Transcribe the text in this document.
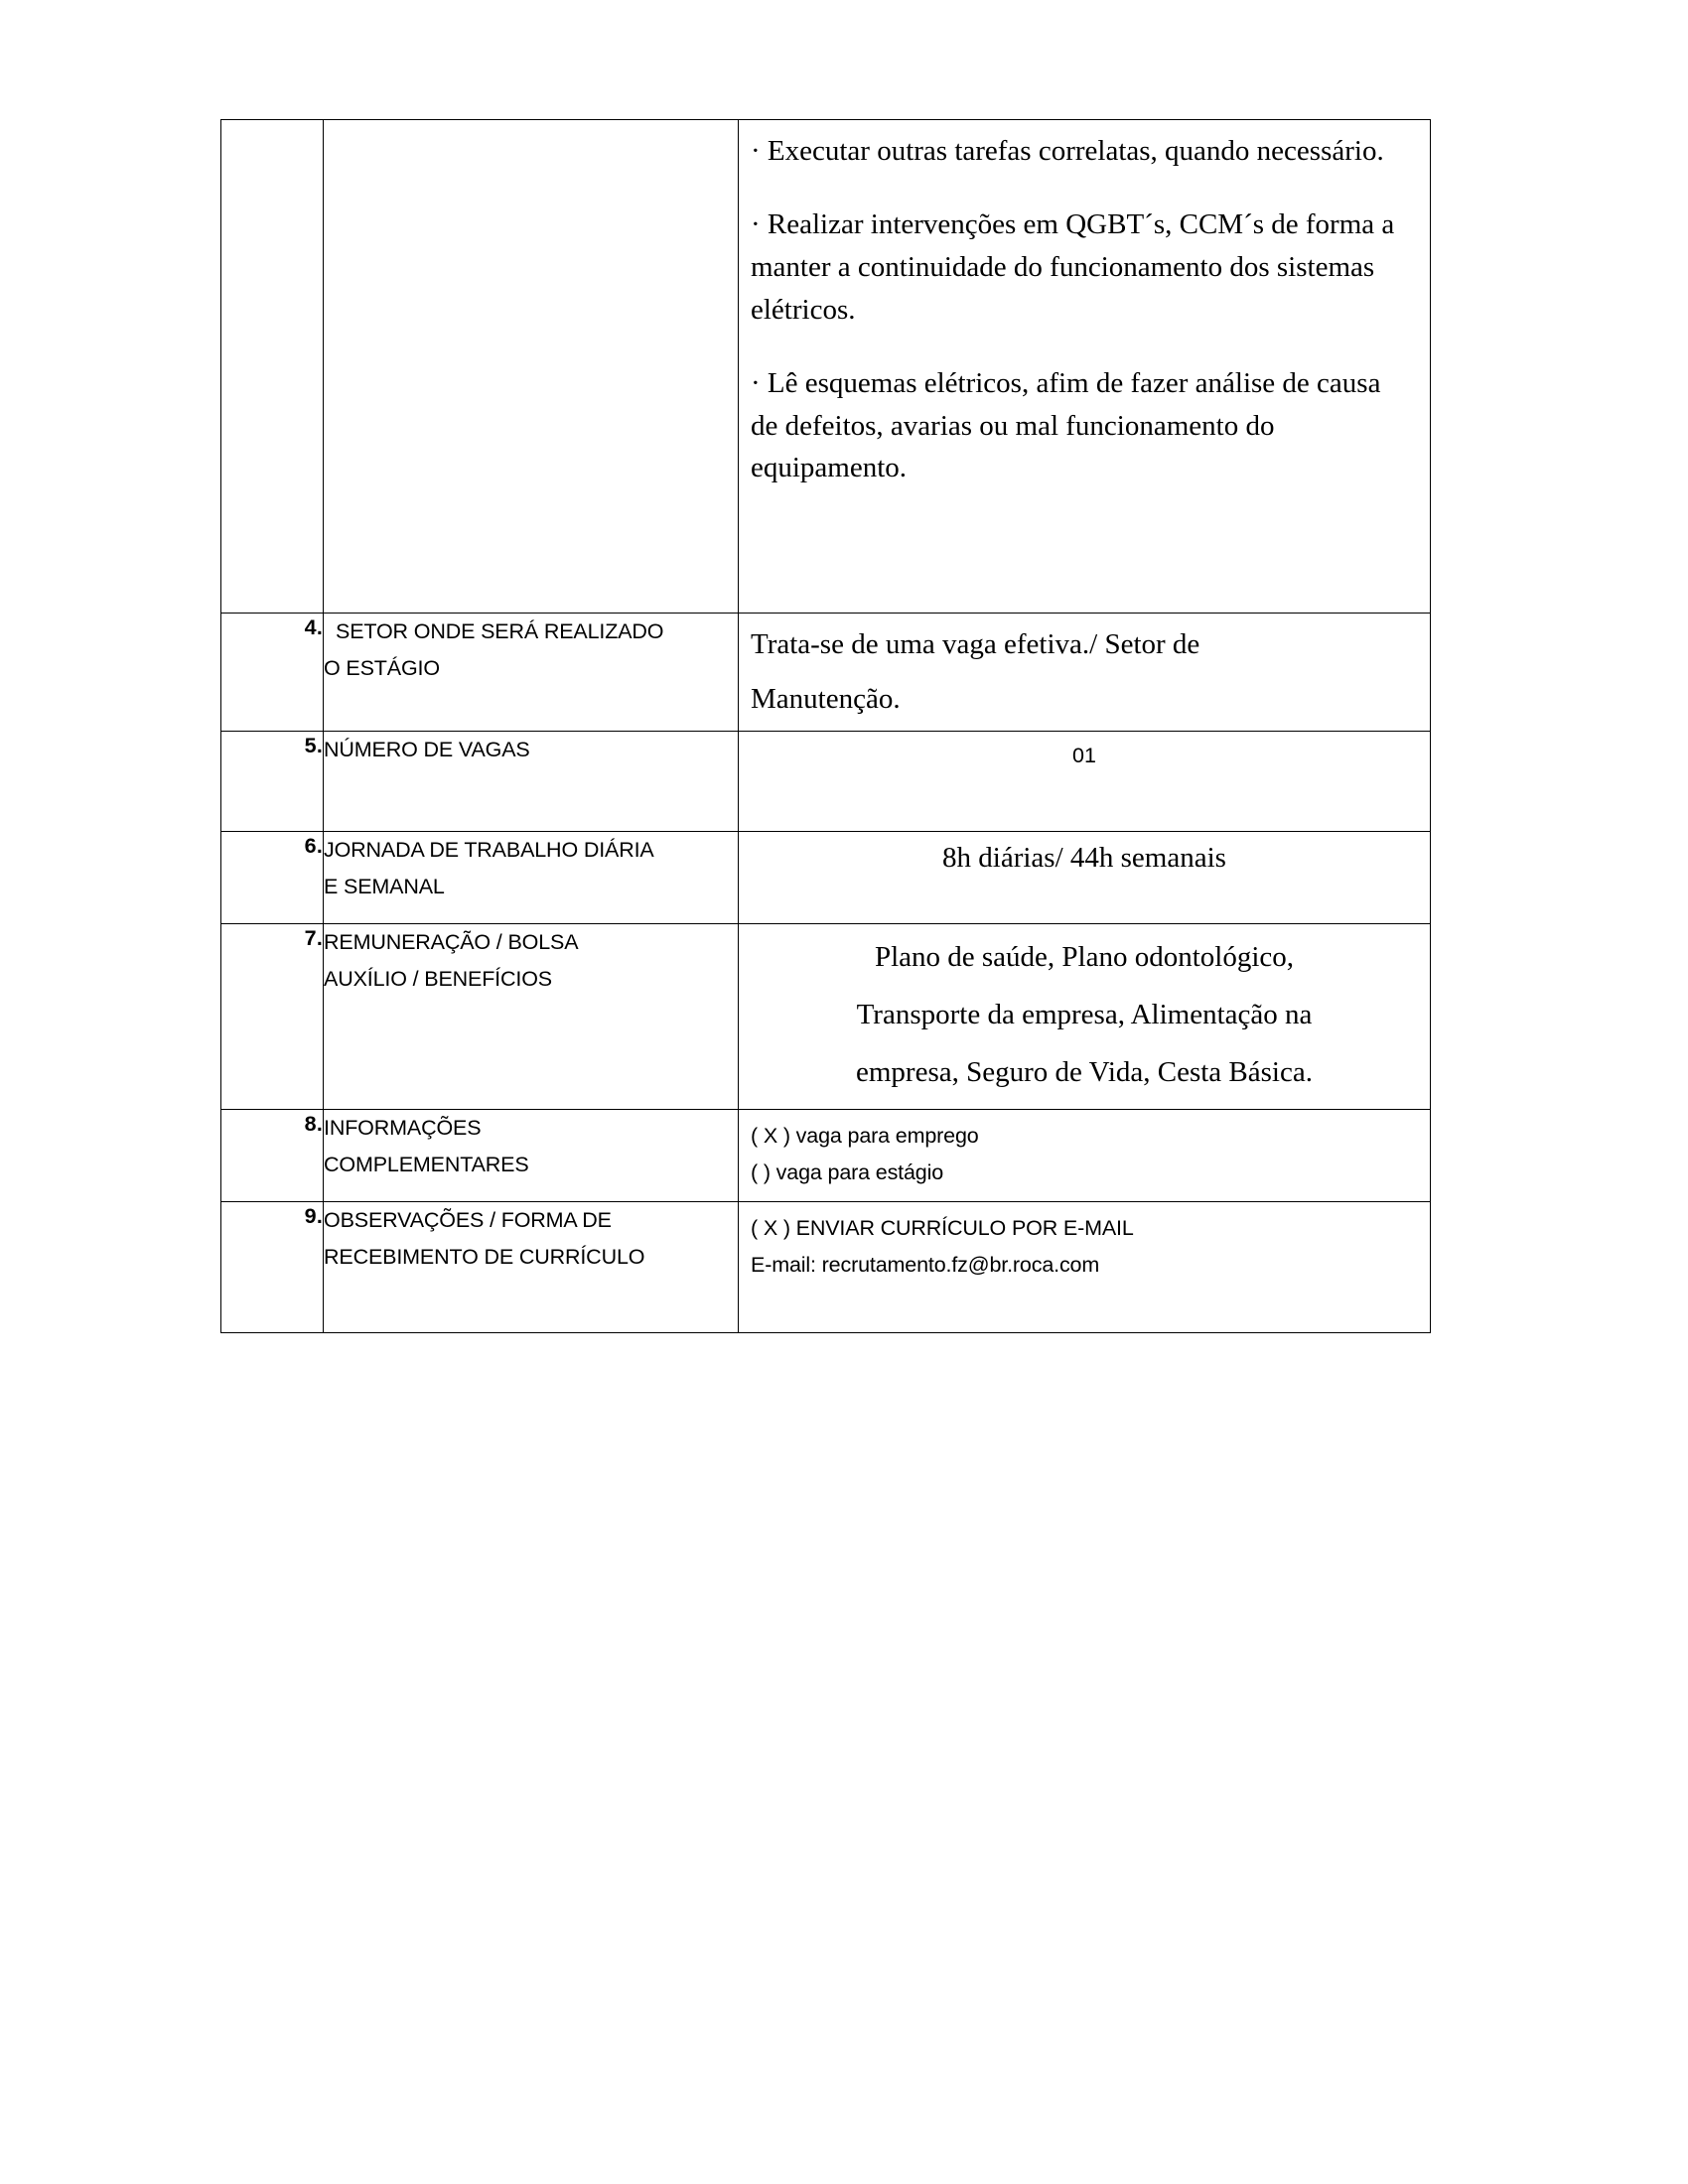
		· Executar outras tarefas correlatas, quando necessário.

· Realizar intervenções em QGBT´s, CCM´s de forma a manter a continuidade do funcionamento dos sistemas elétricos.

· Lê esquemas elétricos, afim de fazer análise de causa de defeitos, avarias ou mal funcionamento do equipamento.

4.	SETOR ONDE SERÁ REALIZADO
O ESTÁGIO	Trata-se de uma vaga efetiva./ Setor de
Manutenção.

5.	NÚMERO DE VAGAS	01

6.	JORNADA DE TRABALHO DIÁRIA
E SEMANAL	8h diárias/ 44h semanais

7.	REMUNERAÇÃO / BOLSA
AUXÍLIO / BENEFÍCIOS	Plano de saúde, Plano odontológico,
Transporte da empresa, Alimentação na
empresa, Seguro de Vida, Cesta Básica.

8.	INFORMAÇÕES
COMPLEMENTARES	( X ) vaga para emprego
( ) vaga para estágio

9.	OBSERVAÇÕES / FORMA DE
RECEBIMENTO DE CURRÍCULO	( X ) ENVIAR CURRÍCULO POR E-MAIL
E-mail: recrutamento.fz@br.roca.com
